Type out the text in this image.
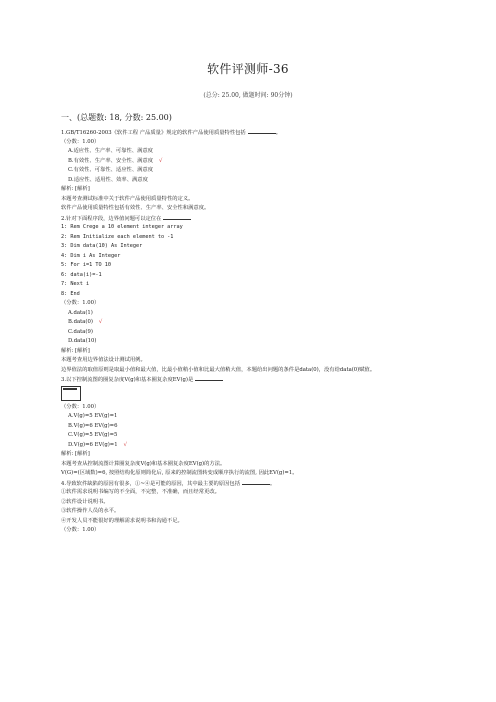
软件评测师-36
(总分: 25.00, 做题时间: 90分钟)
一、(总题数: 18, 分数: 25.00)
1.GB/T16260-2003《软件工程 产品质量》规定的软件产品使用质量特性包括	。
（分数：1.00）
A.适应性、生产率、可靠性、满意度
B.有效性、生产率、安全性、满意度 √
C.有效性、可靠性、适应性、满意度
D.适应性、适用性、效率、满意度
解析: [解析]
本题考查测试标准中关于软件产品使用质量特性的定义。
软件产品使用质量特性包括有效性、生产率、安全性和满意度。
2.针对下面程序段，边界值问题可以定位在
1: Rem Crege a 10 element integer array
2: Rem Initialize each element to -1
3: Dim data(10) As Integer
4: Dim i As Integer
5: For i=1 TO 10
6: data(i)=-1
7: Next i
8: End
（分数：1.00）
A.data(1)
B.data(0) √
C.data(9)
D.data(10)
解析: [解析]
本题考查用边界值法设计测试用例。
边界值法的取值原则是取最小值和最大值，比最小值稍小值和比最大值稍大值，本题给出问题的条件是data(0)，没有给data(0)赋值。
3.以下控制流图的圈复杂度V(g)和基本圈复杂度EV(g)是
（分数：1.00）
A.V(g)=5 EV(g)=1
B.V(g)=6 EV(g)=6
C.V(g)=5 EV(g)=5
D.V(g)=6 EV(g)=1 √
解析: [解析]
本题考查从控制流图计算圈复杂度V(g)和基本圈复杂度EV(g)的方法。
V(G)=(区域数)=6, 按照结构化原则简化后, 原来的控制流图转变成顺序执行的流图, 因此EV(g)=1。
4.导致软件缺陷的原因有很多，①~④是可能的原因，其中最主要的原因包括	。
①软件需求说明书编写的不全面，不完整，不准确，而且经常更改。
②软件设计说明书。
③软件操作人员的水平。
④开发人员不能很好的理解需求说明书和沟通不足。
（分数：1.00）
